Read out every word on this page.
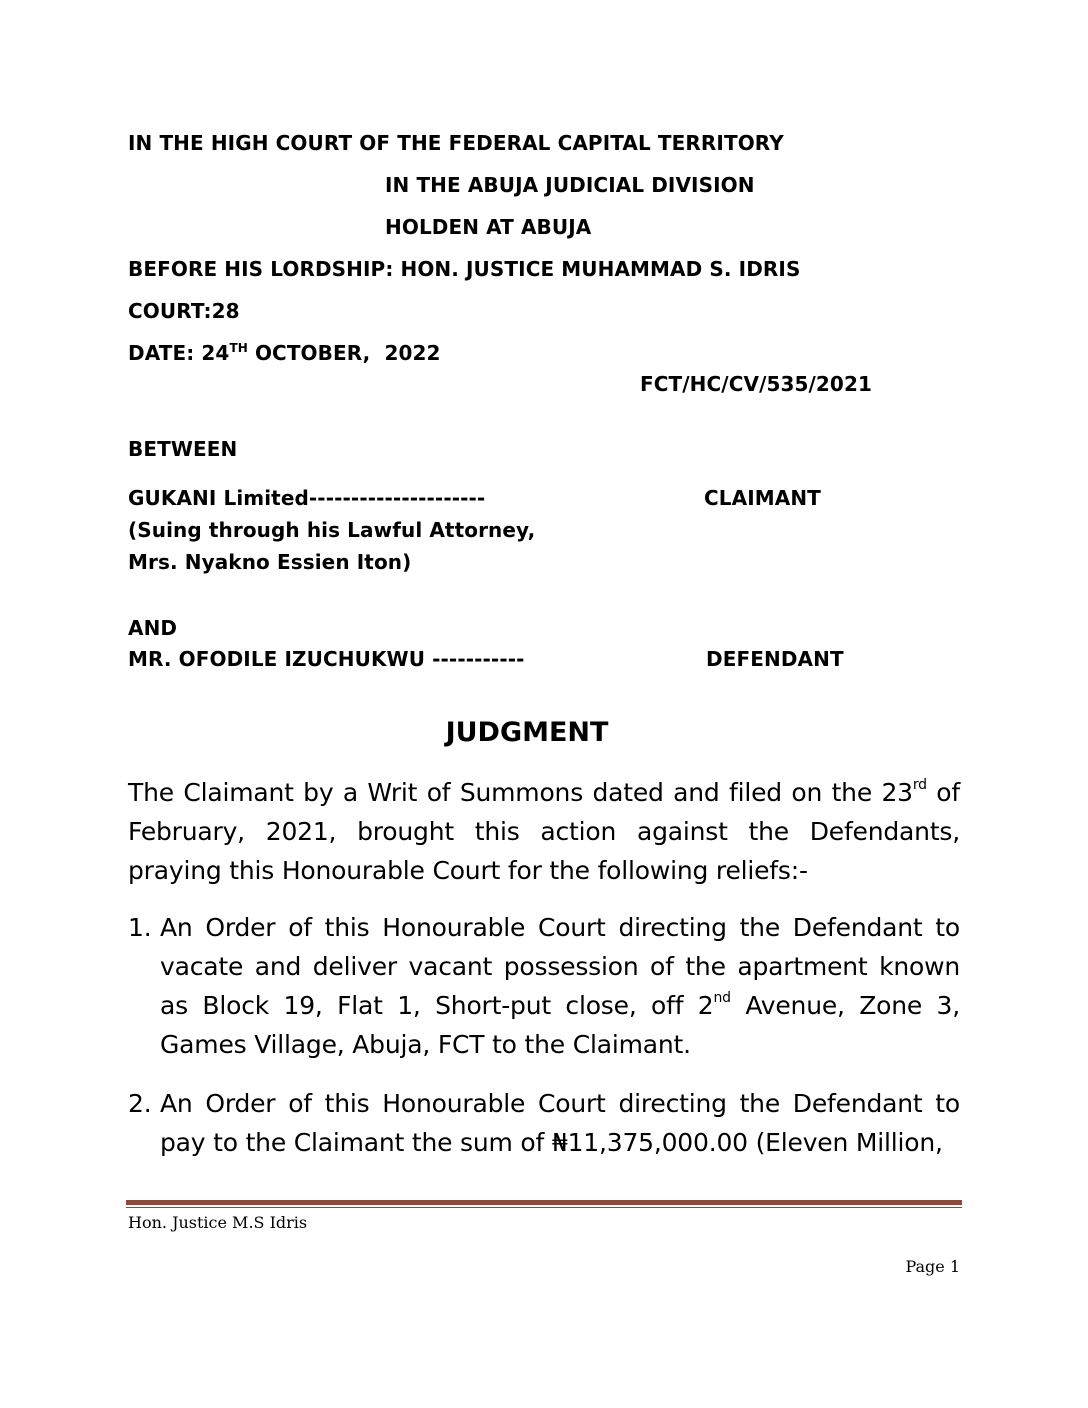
IN THE HIGH COURT OF THE FEDERAL CAPITAL TERRITORY
IN THE ABUJA JUDICIAL DIVISION
HOLDEN AT ABUJA
BEFORE HIS LORDSHIP: HON. JUSTICE MUHAMMAD S. IDRIS
COURT:28
DATE: 24TH OCTOBER,  2022
FCT/HC/CV/535/2021
BETWEEN
GUKANI Limited---------------------	CLAIMANT
(Suing through his Lawful Attorney,
Mrs. Nyakno Essien Iton)
AND
MR. OFODILE IZUCHUKWU -----------	DEFENDANT
JUDGMENT

The Claimant by a Writ of Summons dated and filed on the 23rd of February, 2021, brought this action against the Defendants, praying this Honourable Court for the following reliefs:-

1. An Order of this Honourable Court directing the Defendant to vacate and deliver vacant possession of the apartment known as Block 19, Flat 1, Short-put close, off 2nd Avenue, Zone 3, Games Village, Abuja, FCT to the Claimant.
2. An Order of this Honourable Court directing the Defendant to pay to the Claimant the sum of ₦11,375,000.00 (Eleven Million,
Hon. Justice M.S Idris
Page 1
